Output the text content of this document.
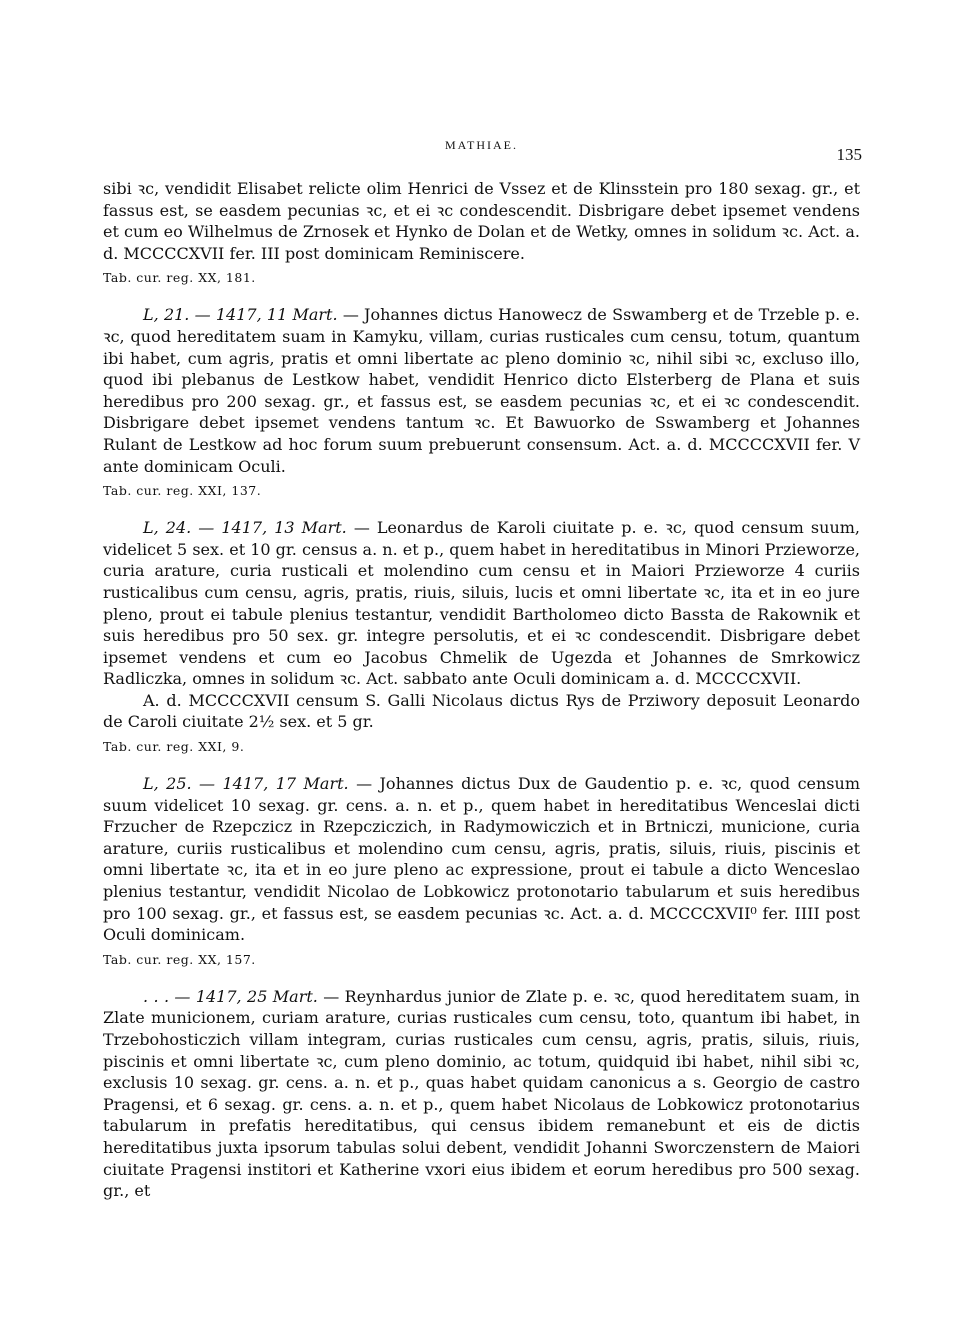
MATHIAE.	135

sibi ꝛc, vendidit Elisabet relicte olim Henrici de Vssez et de Klinsstein pro 180 sexag. gr., et fassus est, se easdem pecunias ꝛc, et ei ꝛc condescendit. Disbrigare debet ipsemet vendens et cum eo Wilhelmus de Zrnosek et Hynko de Dolan et de Wetky, omnes in solidum ꝛc. Act. a. d. MCCCCXVII fer. III post dominicam Reminiscere.

Tab. cur. reg. XX, 181.

L, 21. — 1417, 11 Mart. — Johannes dictus Hanowecz de Sswamberg et de Trzeble p. e. ꝛc, quod hereditatem suam in Kamyku, villam, curias rusticales cum censu, totum, quantum ibi habet, cum agris, pratis et omni libertate ac pleno dominio ꝛc, nihil sibi ꝛc, excluso illo, quod ibi plebanus de Lestkow habet, vendidit Henrico dicto Elsterberg de Plana et suis heredibus pro 200 sexag. gr., et fassus est, se easdem pecunias ꝛc, et ei ꝛc condescendit. Disbrigare debet ipsemet vendens tantum ꝛc. Et Bawuorko de Sswamberg et Johannes Rulant de Lestkow ad hoc forum suum prebuerunt consensum. Act. a. d. MCCCCXVII fer. V ante dominicam Oculi.

Tab. cur. reg. XXI, 137.

L, 24. — 1417, 13 Mart. — Leonardus de Karoli ciuitate p. e. ꝛc, quod censum suum, videlicet 5 sex. et 10 gr. census a. n. et p., quem habet in hereditatibus in Minori Przieworze, curia arature, curia rusticali et molendino cum censu et in Maiori Przieworze 4 curiis rusticalibus cum censu, agris, pratis, riuis, siluis, lucis et omni libertate ꝛc, ita et in eo jure pleno, prout ei tabule plenius testantur, vendidit Bartholomeo dicto Bassta de Rakownik et suis heredibus pro 50 sex. gr. integre persolutis, et ei ꝛc condescendit. Disbrigare debet ipsemet vendens et cum eo Jacobus Chmelik de Ugezda et Johannes de Smrkowicz Radliczka, omnes in solidum ꝛc. Act. sabbato ante Oculi dominicam a. d. MCCCCXVII.

A. d. MCCCCXVII censum S. Galli Nicolaus dictus Rys de Prziwory deposuit Leonardo de Caroli ciuitate 2½ sex. et 5 gr.

Tab. cur. reg. XXI, 9.

L, 25. — 1417, 17 Mart. — Johannes dictus Dux de Gaudentio p. e. ꝛc, quod censum suum videlicet 10 sexag. gr. cens. a. n. et p., quem habet in hereditatibus Wenceslai dicti Frzucher de Rzepczicz in Rzepcziczich, in Radymowiczich et in Brtniczi, municione, curia arature, curiis rusticalibus et molendino cum censu, agris, pratis, siluis, riuis, piscinis et omni libertate ꝛc, ita et in eo jure pleno ac expressione, prout ei tabule a dicto Wenceslao plenius testantur, vendidit Nicolao de Lobkowicz protonotario tabularum et suis heredibus pro 100 sexag. gr., et fassus est, se easdem pecunias ꝛc. Act. a. d. MCCCCXVII⁰ fer. IIII post Oculi dominicam.

Tab. cur. reg. XX, 157.

. . . — 1417, 25 Mart. — Reynhardus junior de Zlate p. e. ꝛc, quod hereditatem suam, in Zlate municionem, curiam arature, curias rusticales cum censu, toto, quantum ibi habet, in Trzebohosticzich villam integram, curias rusticales cum censu, agris, pratis, siluis, riuis, piscinis et omni libertate ꝛc, cum pleno dominio, ac totum, quidquid ibi habet, nihil sibi ꝛc, exclusis 10 sexag. gr. cens. a. n. et p., quas habet quidam canonicus a s. Georgio de castro Pragensi, et 6 sexag. gr. cens. a. n. et p., quem habet Nicolaus de Lobkowicz protonotarius tabularum in prefatis hereditatibus, qui census ibidem remanebunt et eis de dictis hereditatibus juxta ipsorum tabulas solui debent, vendidit Johanni Sworczenstern de Maiori ciuitate Pragensi institori et Katherine vxori eius ibidem et eorum heredibus pro 500 sexag. gr., et
